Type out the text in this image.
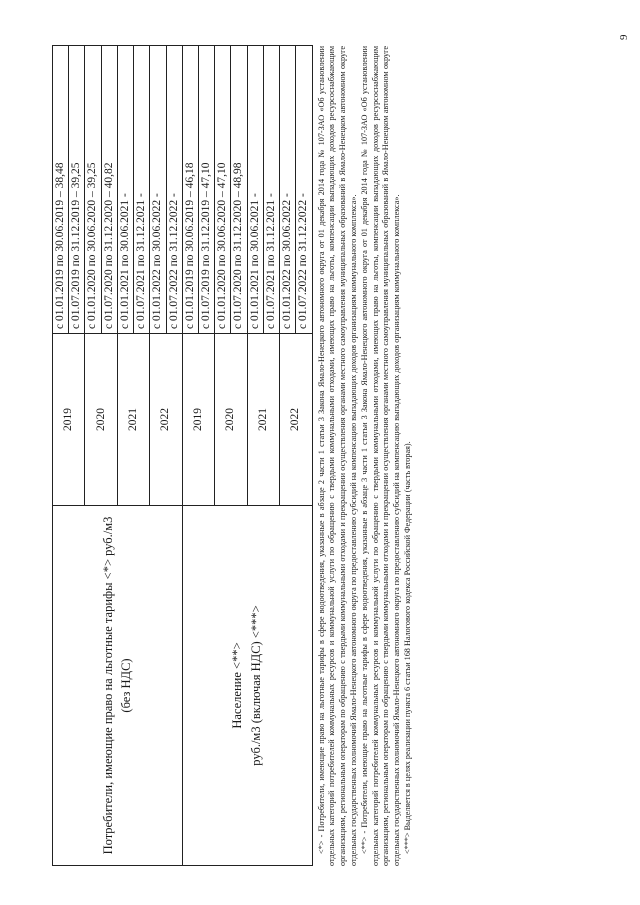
9
Потребители, имеющие право на льготные тарифы <*> руб./м3 (без НДС)	2019	с 01.01.2019 по 30.06.2019 – 38,48
		с 01.07.2019 по 31.12.2019 – 39,25
	2020	с 01.01.2020 по 30.06.2020 – 39,25
		с 01.07.2020 по 31.12.2020 – 40,82
	2021	с 01.01.2021 по 30.06.2021 -
		с 01.07.2021 по 31.12.2021 -
	2022	с 01.01.2022 по 30.06.2022 -
		с 01.07.2022 по 31.12.2022 -

Население <**> руб./м3 (включая НДС) <***>	2019	с 01.01.2019 по 30.06.2019 – 46,18
		с 01.07.2019 по 31.12.2019 – 47,10
	2020	с 01.01.2020 по 30.06.2020 – 47,10
		с 01.07.2020 по 31.12.2020 – 48,98
	2021	с 01.01.2021 по 30.06.2021 -
		с 01.07.2021 по 31.12.2021 -
	2022	с 01.01.2022 по 30.06.2022 -
		с 01.07.2022 по 31.12.2022 - <*> - Потребители, имеющие право на льготные тарифы в сфере водоотведения, указанные в абзаце 2 части 1 статьи 3 Закона Ямало-Ненецкого автономного округа от 01 декабря 2014 года № 107-ЗАО «Об установлении отдельных категорий потребителей коммунальных ресурсов и коммунальной услуги по обращению с твердыми коммунальными отходами, имеющих право на льготы, компенсации выпадающих доходов ресурсоснабжающим организациям, региональным операторам по обращению с твердыми коммунальными отходами и прекращении осуществления органами местного самоуправления муниципальных образований в Ямало-Ненецком автономном округе отдельных государственных полномочий Ямало-Ненецкого автономного округа по предоставлению субсидий на компенсацию выпадающих доходов организациям коммунального комплекса». <**> - Потребители, имеющие право на льготные тарифы в сфере водоотведения, указанные в абзаце 3 части 1 статьи 3 Закона Ямало-Ненецкого автономного округа от 01 декабря 2014 года № 107-ЗАО «Об установлении отдельных категорий потребителей коммунальных ресурсов и коммунальной услуги по обращению с твердыми коммунальными отходами, имеющих право на льготы, компенсации выпадающих доходов ресурсоснабжающим организациям, региональным операторам по обращению с твердыми коммунальными отходами и прекращении осуществления органами местного самоуправления муниципальных образований в Ямало-Ненецком автономном округе отдельных государственных полномочий Ямало-Ненецкого автономного округа по предоставлению субсидий на компенсацию выпадающих доходов организациям коммунального комплекса». <***> Выделяется в целях реализации пункта 6 статьи 168 Налогового кодекса Российской Федерации (часть вторая).
